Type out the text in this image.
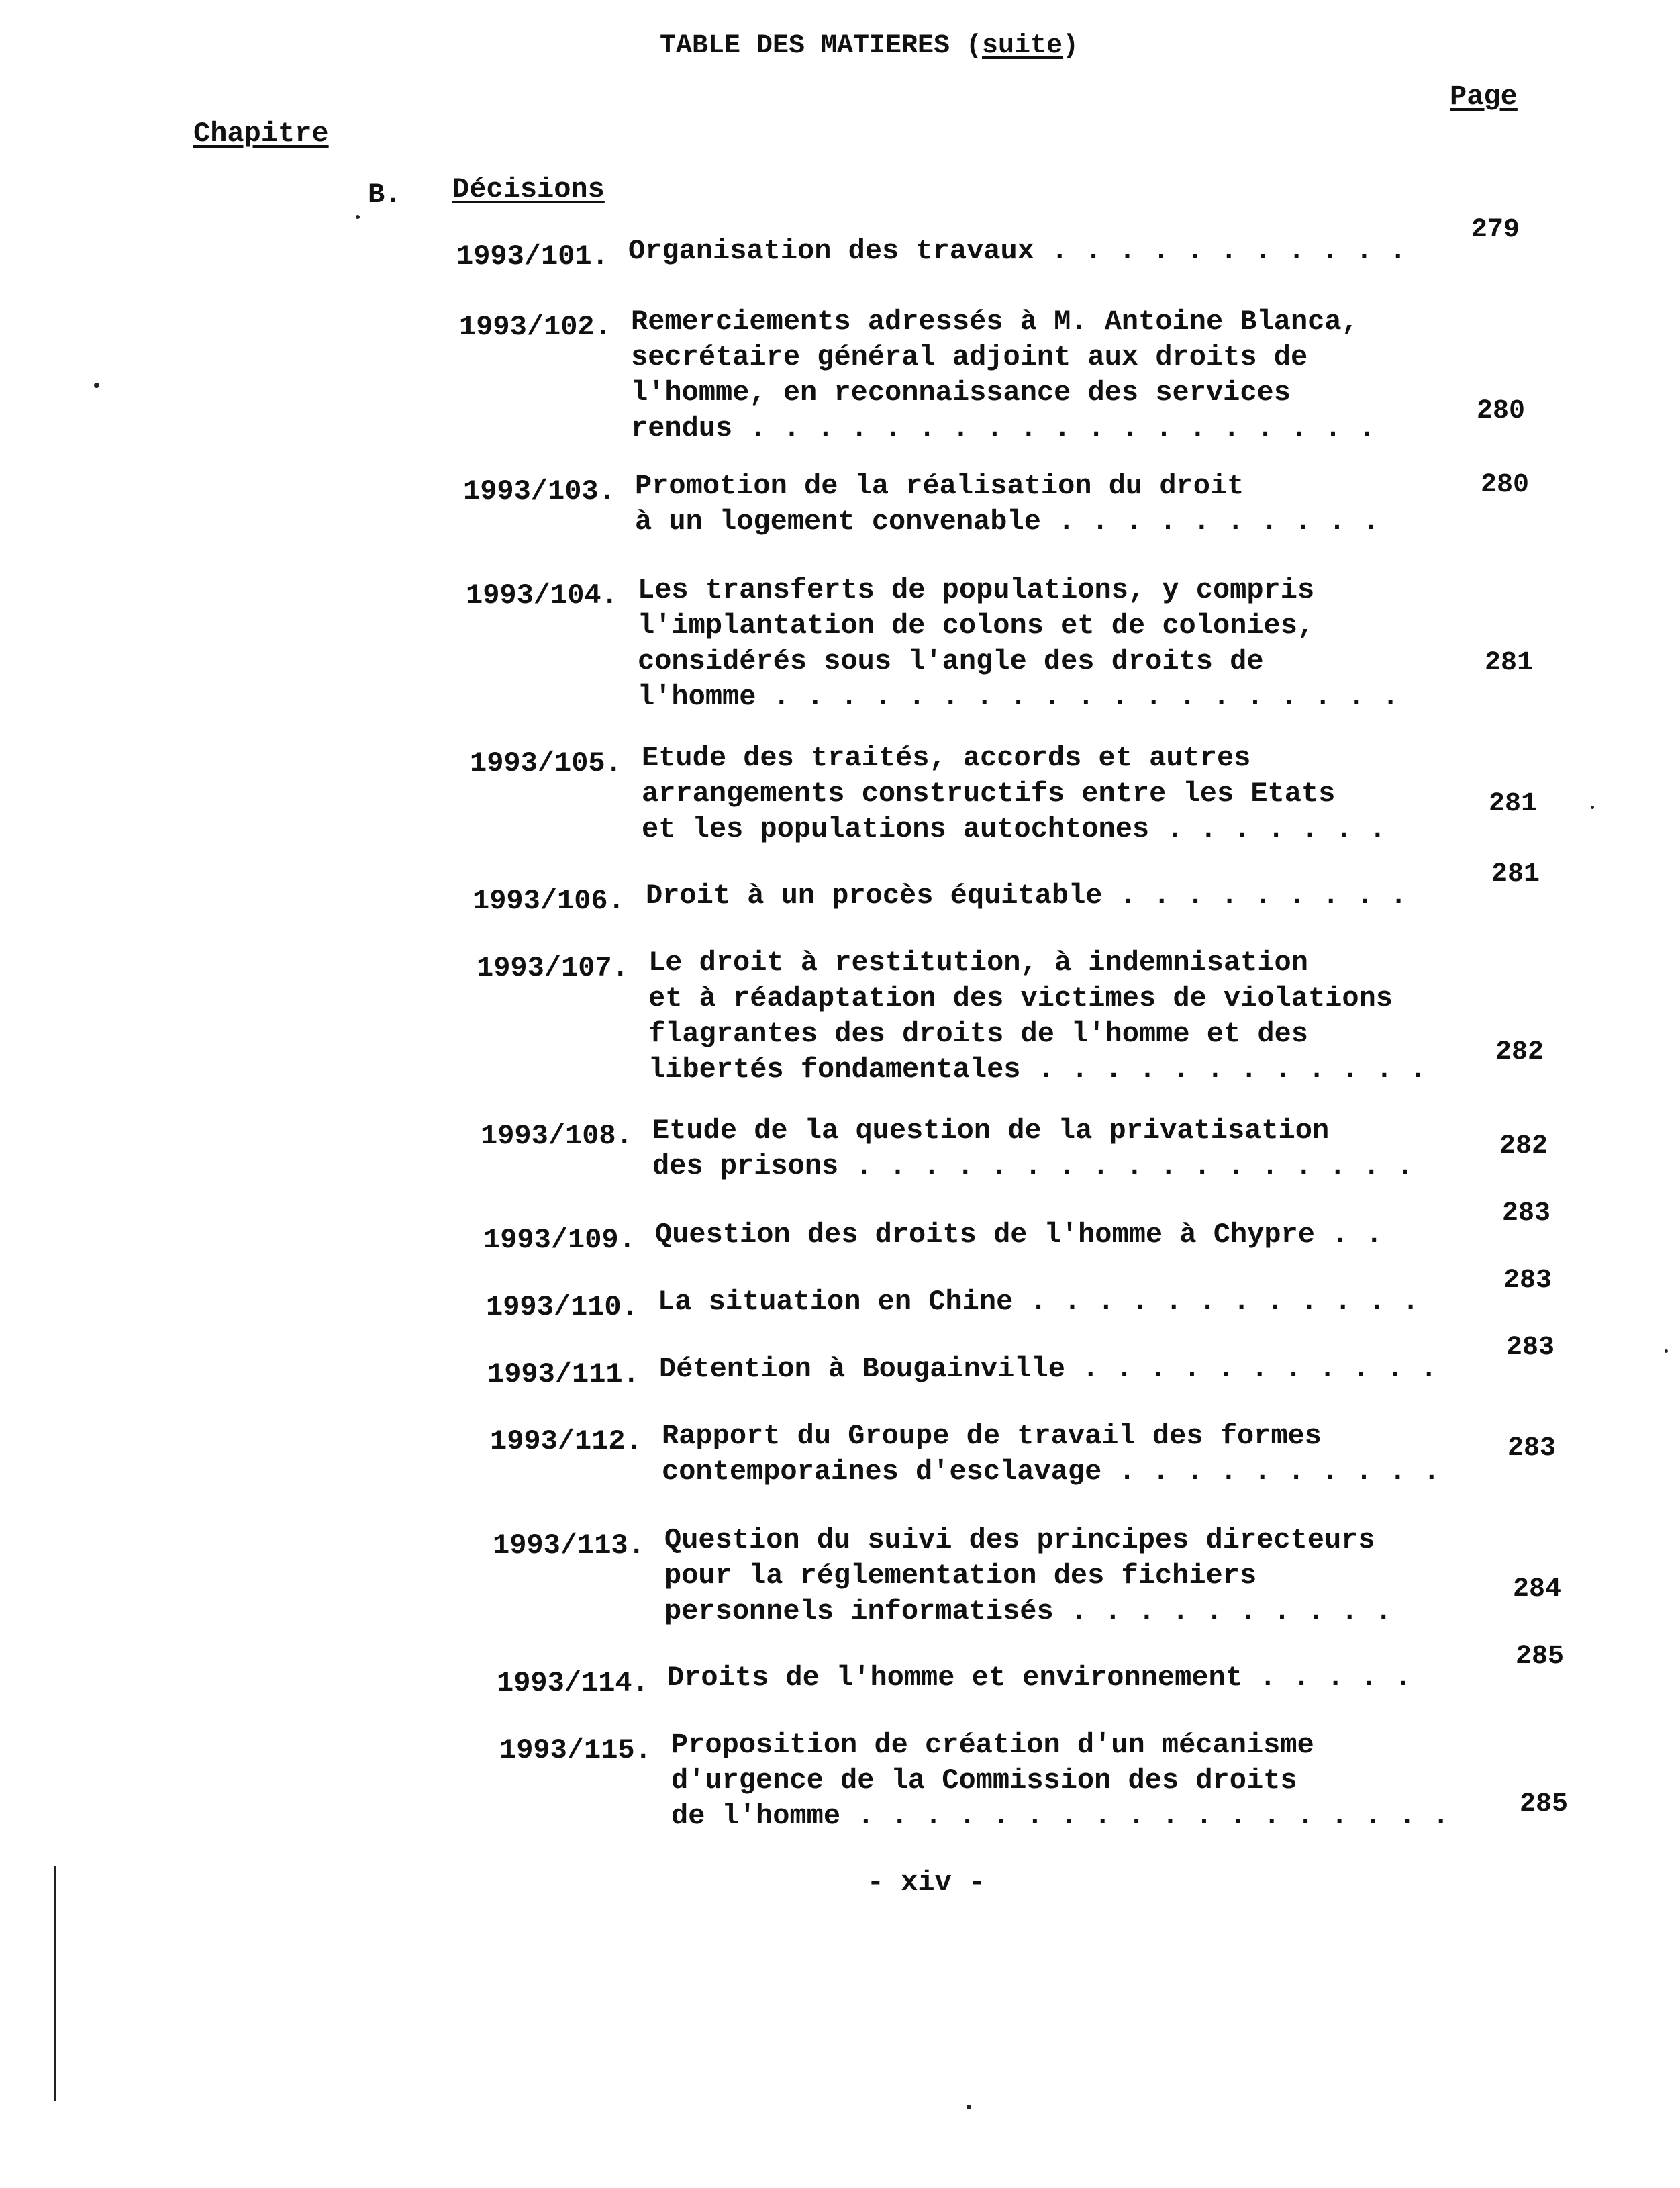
TABLE DES MATIERES (suite)
Page
Chapitre
B. Décisions
1993/101. Organisation des travaux . . . . . . . . . . .
279
1993/102. Remerciements adressés à M. Antoine Blanca,
secrétaire général adjoint aux droits de
l'homme, en reconnaissance des services
rendus . . . . . . . . . . . . . . . . . . .
280
1993/103. Promotion de la réalisation du droit
à un logement convenable . . . . . . . . . .
280
1993/104. Les transferts de populations, y compris
l'implantation de colons et de colonies,
considérés sous l'angle des droits de
l'homme . . . . . . . . . . . . . . . . . . .
281
1993/105. Etude des traités, accords et autres
arrangements constructifs entre les Etats
et les populations autochtones . . . . . . .
281
1993/106. Droit à un procès équitable . . . . . . . . .
281
1993/107. Le droit à restitution, à indemnisation
et à réadaptation des victimes de violations
flagrantes des droits de l'homme et des
libertés fondamentales . . . . . . . . . . . .
282
1993/108. Etude de la question de la privatisation
des prisons . . . . . . . . . . . . . . . . .
282
1993/109. Question des droits de l'homme à Chypre . .
283
1993/110. La situation en Chine . . . . . . . . . . . .
283
1993/111. Détention à Bougainville . . . . . . . . . . .
283
1993/112. Rapport du Groupe de travail des formes
contemporaines d'esclavage . . . . . . . . . .
283
1993/113. Question du suivi des principes directeurs
pour la réglementation des fichiers
personnels informatisés . . . . . . . . . .
284
1993/114. Droits de l'homme et environnement . . . . .
285
1993/115. Proposition de création d'un mécanisme
d'urgence de la Commission des droits
de l'homme . . . . . . . . . . . . . . . . . .	285
- xiv -
